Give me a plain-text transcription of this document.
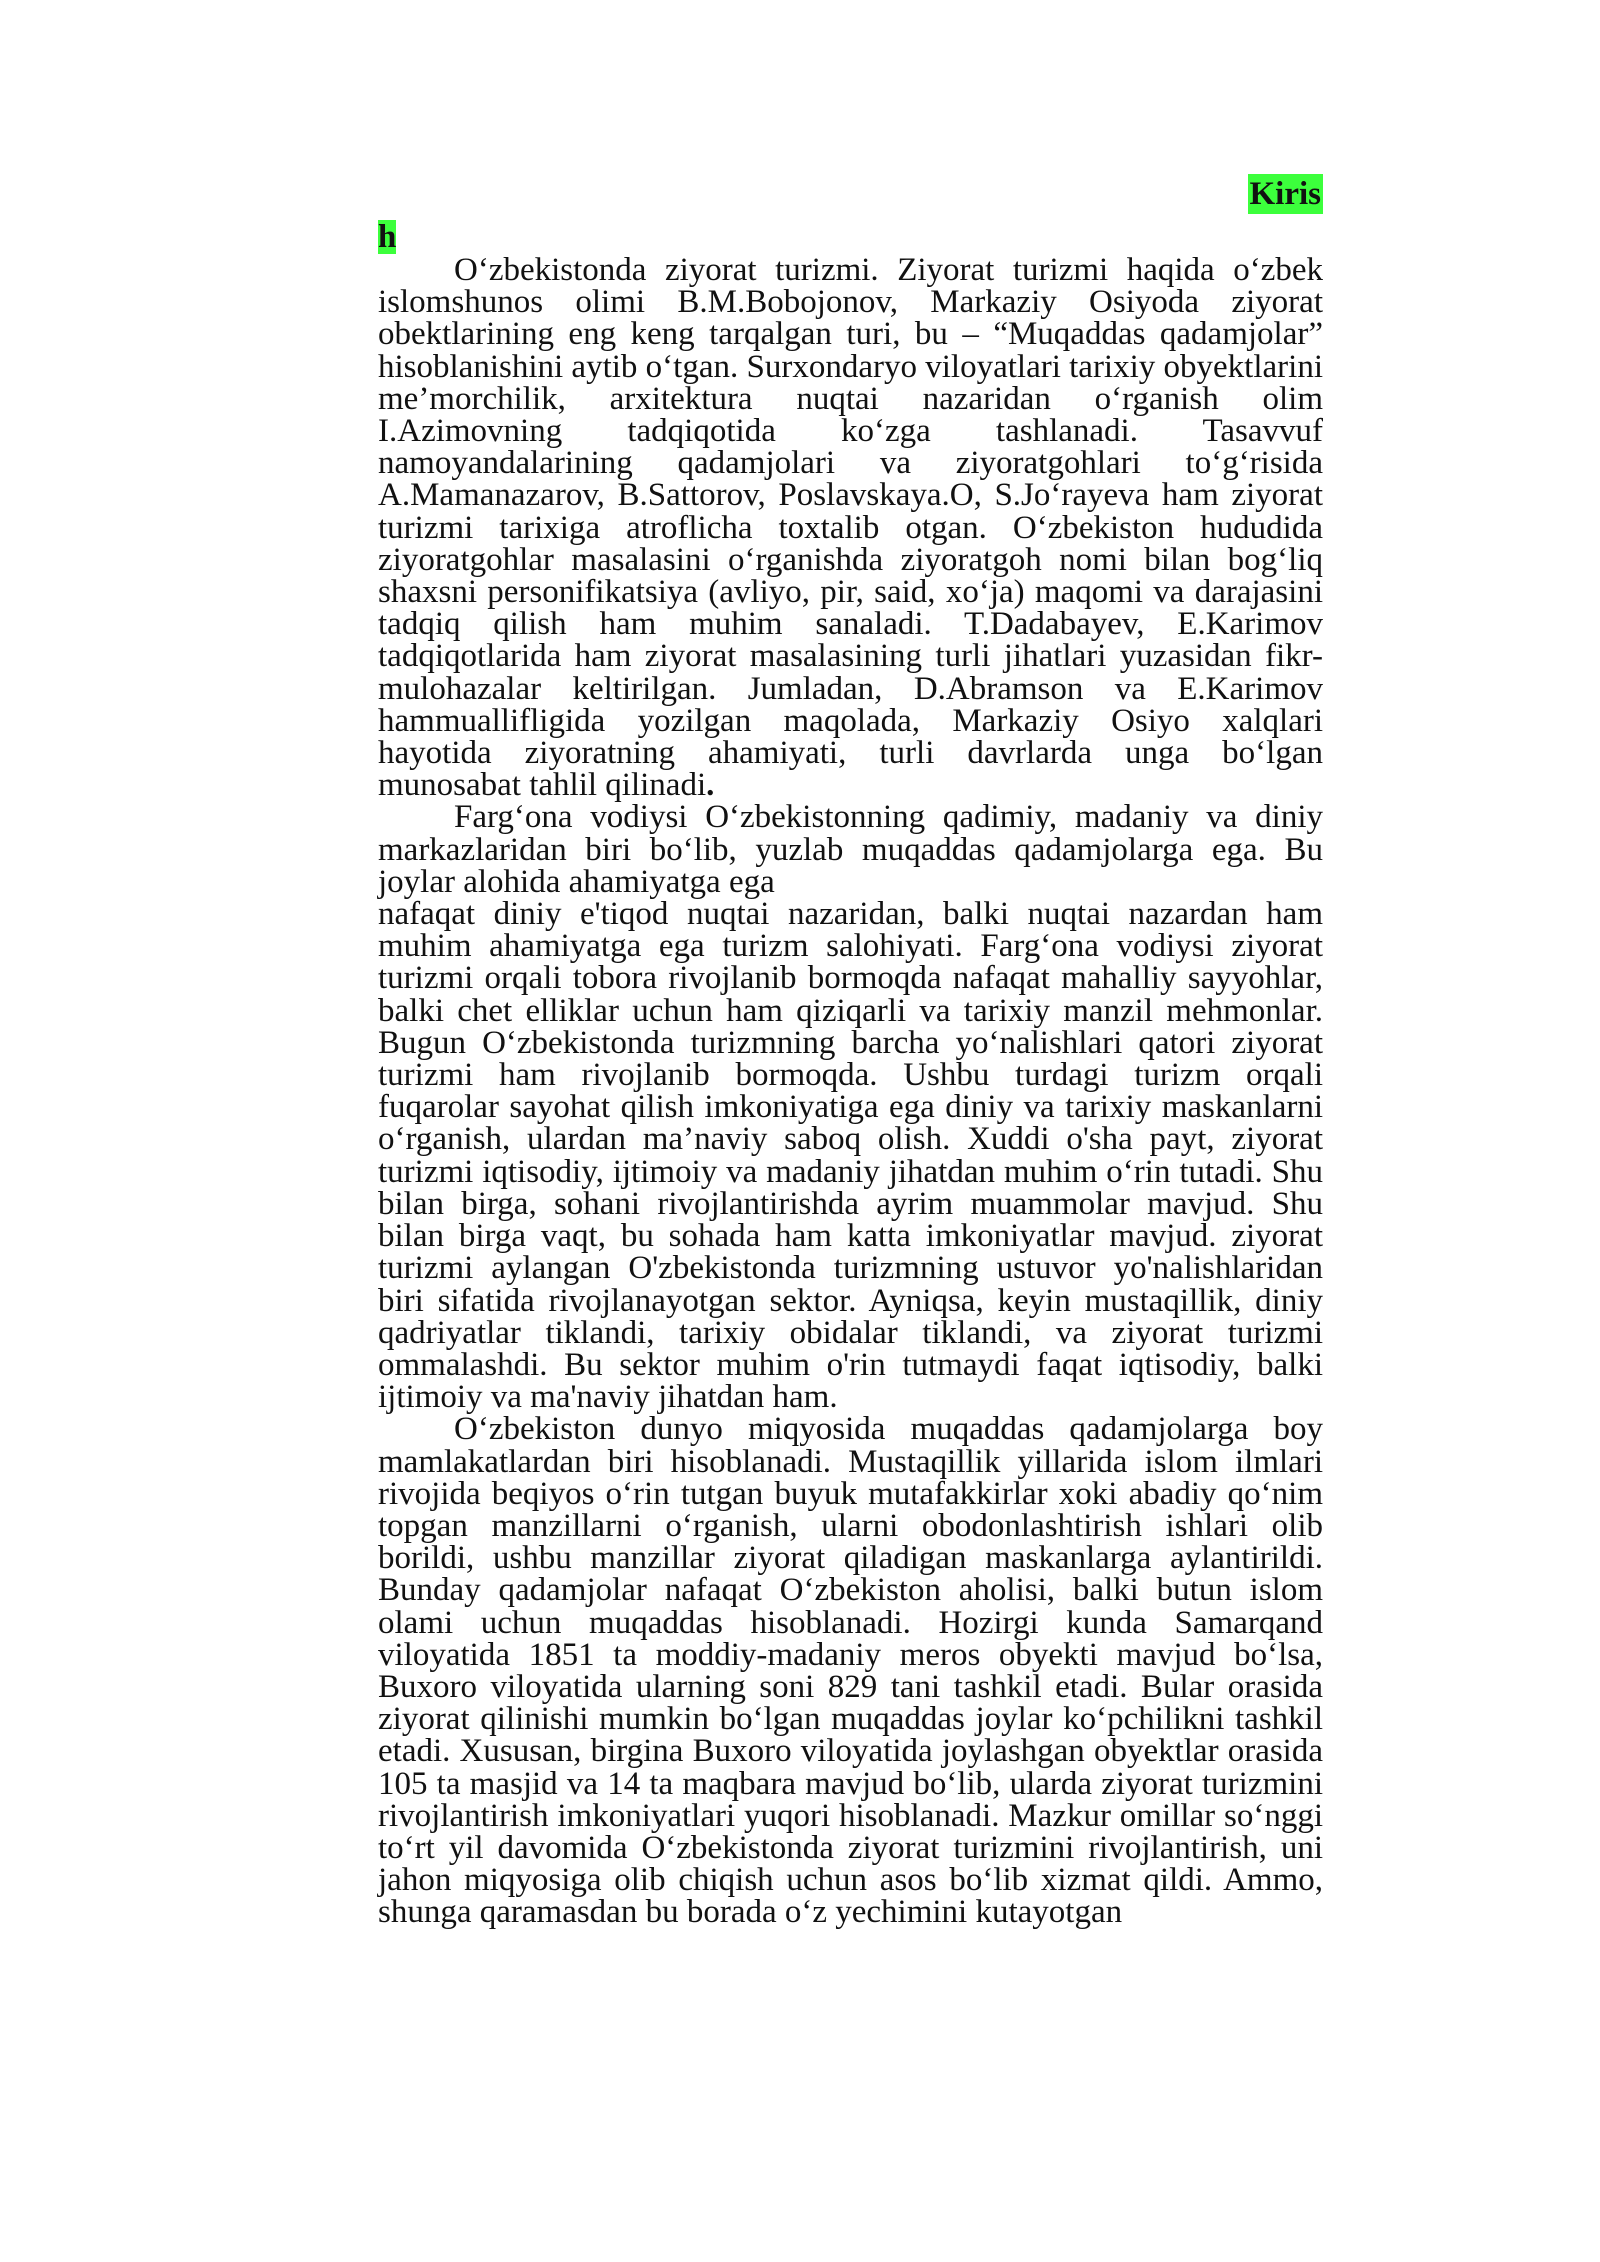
Kiris
h

O‘zbekistonda ziyorat turizmi. Ziyorat turizmi haqida o‘zbek islomshunos olimi B.M.Bobojonov, Markaziy Osiyoda ziyorat obektlarining eng keng tarqalgan turi, bu – “Muqaddas qadamjolar” hisoblanishini aytib o‘tgan. Surxondaryo viloyatlari tarixiy obyektlarini me’morchilik, arxitektura nuqtai nazaridan o‘rganish olim I.Azimovning tadqiqotida ko‘zga tashlanadi. Tasavvuf namoyandalarining qadamjolari va ziyoratgohlari to‘g‘risida A.Mamanazarov, B.Sattorov, Poslavskaya.O, S.Jo‘rayeva ham ziyorat turizmi tarixiga atroflicha toxtalib otgan. O‘zbekiston hududida ziyoratgohlar masalasini o‘rganishda ziyoratgoh nomi bilan bog‘liq shaxsni personifikatsiya (avliyo, pir, said, xo‘ja) maqomi va darajasini tadqiq qilish ham muhim sanaladi. T.Dadabayev, E.Karimov tadqiqotlarida ham ziyorat masalasining turli jihatlari yuzasidan fikr-mulohazalar keltirilgan. Jumladan, D.Abramson va E.Karimov hammuallifligida yozilgan maqolada, Markaziy Osiyo xalqlari hayotida ziyoratning ahamiyati, turli davrlarda unga bo‘lgan munosabat tahlil qilinadi.

Farg‘ona vodiysi O‘zbekistonning qadimiy, madaniy va diniy markazlaridan biri bo‘lib, yuzlab muqaddas qadamjolarga ega. Bu joylar alohida ahamiyatga ega

nafaqat diniy e'tiqod nuqtai nazaridan, balki nuqtai nazardan ham muhim ahamiyatga ega turizm salohiyati. Farg‘ona vodiysi ziyorat turizmi orqali tobora rivojlanib bormoqda nafaqat mahalliy sayyohlar, balki chet elliklar uchun ham qiziqarli va tarixiy manzil mehmonlar. Bugun O‘zbekistonda turizmning barcha yo‘nalishlari qatori ziyorat turizmi ham rivojlanib bormoqda. Ushbu turdagi turizm orqali fuqarolar sayohat qilish imkoniyatiga ega diniy va tarixiy maskanlarni o‘rganish, ulardan ma’naviy saboq olish. Xuddi o'sha payt, ziyorat turizmi iqtisodiy, ijtimoiy va madaniy jihatdan muhim o‘rin tutadi. Shu bilan birga, sohani rivojlantirishda ayrim muammolar mavjud. Shu bilan birga vaqt, bu sohada ham katta imkoniyatlar mavjud. ziyorat turizmi aylangan O'zbekistonda turizmning ustuvor yo'nalishlaridan biri sifatida rivojlanayotgan sektor. Ayniqsa, keyin mustaqillik, diniy qadriyatlar tiklandi, tarixiy obidalar tiklandi, va ziyorat turizmi ommalashdi. Bu sektor muhim o'rin tutmaydi faqat iqtisodiy, balki ijtimoiy va ma'naviy jihatdan ham.

O‘zbekiston dunyo miqyosida muqaddas qadamjolarga boy mamlakatlardan biri hisoblanadi. Mustaqillik yillarida islom ilmlari rivojida beqiyos o‘rin tutgan buyuk mutafakkirlar xoki abadiy qo‘nim topgan manzillarni o‘rganish, ularni obodonlashtirish ishlari olib borildi, ushbu manzillar ziyorat qiladigan maskanlarga aylantirildi. Bunday qadamjolar nafaqat O‘zbekiston aholisi, balki butun islom olami uchun muqaddas hisoblanadi. Hozirgi kunda Samarqand viloyatida 1851 ta moddiy-madaniy meros obyekti mavjud bo‘lsa, Buxoro viloyatida ularning soni 829 tani tashkil etadi. Bular orasida ziyorat qilinishi mumkin bo‘lgan muqaddas joylar ko‘pchilikni tashkil etadi. Xususan, birgina Buxoro viloyatida joylashgan obyektlar orasida 105 ta masjid va 14 ta maqbara mavjud bo‘lib, ularda ziyorat turizmini rivojlantirish imkoniyatlari yuqori hisoblanadi. Mazkur omillar so‘nggi to‘rt yil davomida O‘zbekistonda ziyorat turizmini rivojlantirish, uni jahon miqyosiga olib chiqish uchun asos bo‘lib xizmat qildi. Ammo, shunga qaramasdan bu borada o‘z yechimini kutayotgan
